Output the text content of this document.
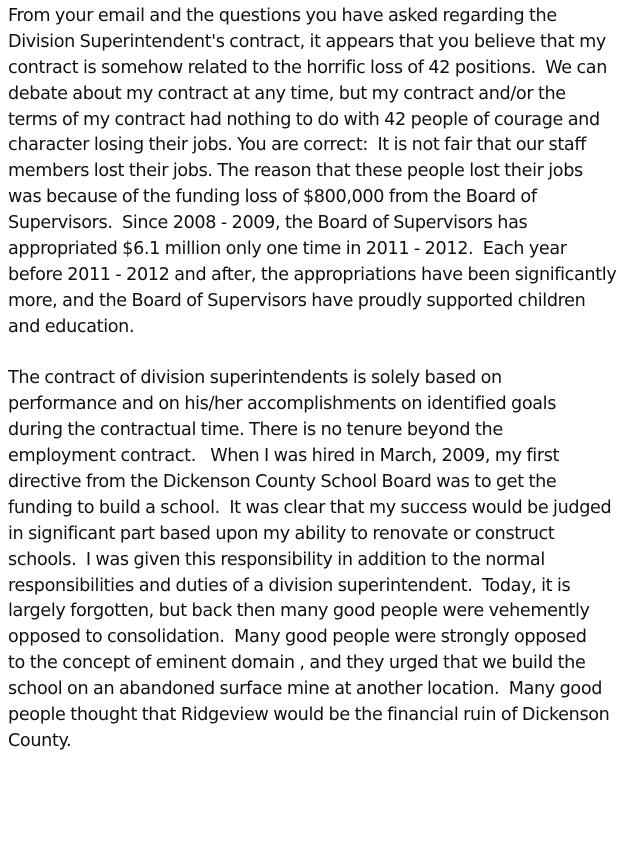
From your email and the questions you have asked regarding the
Division Superintendent's contract, it appears that you believe that my
contract is somehow related to the horrific loss of 42 positions.  We can
debate about my contract at any time, but my contract and/or the
terms of my contract had nothing to do with 42 people of courage and
character losing their jobs. You are correct:  It is not fair that our staff
members lost their jobs. The reason that these people lost their jobs
was because of the funding loss of $800,000 from the Board of
Supervisors.  Since 2008 - 2009, the Board of Supervisors has
appropriated $6.1 million only one time in 2011 - 2012.  Each year
before 2011 - 2012 and after, the appropriations have been significantly
more, and the Board of Supervisors have proudly supported children
and education.
The contract of division superintendents is solely based on
performance and on his/her accomplishments on identified goals
during the contractual time. There is no tenure beyond the
employment contract.   When I was hired in March, 2009, my first
directive from the Dickenson County School Board was to get the
funding to build a school.  It was clear that my success would be judged
in significant part based upon my ability to renovate or construct
schools.  I was given this responsibility in addition to the normal
responsibilities and duties of a division superintendent.  Today, it is
largely forgotten, but back then many good people were vehemently
opposed to consolidation.  Many good people were strongly opposed
to the concept of eminent domain , and they urged that we build the
school on an abandoned surface mine at another location.  Many good
people thought that Ridgeview would be the financial ruin of Dickenson
County.
